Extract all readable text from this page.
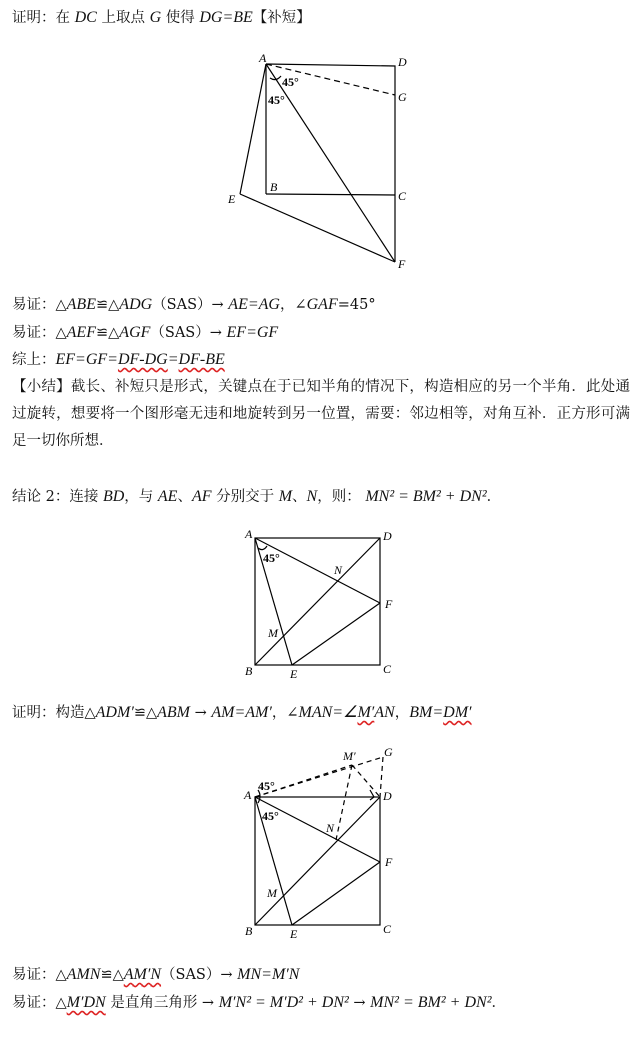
证明：在 DC 上取点 G 使得 DG=BE【补短】
A	D
G
B
C
E
F
45°
45°
A	D
F
C
B	E
N
M
45°
A	D
G
M′
F
C
B	E
N
M
45°
45°
易证：△ABE≌△ADG（SAS）→ AE=AG，∠GAF=45°
易证：△AEF≌△AGF（SAS）→ EF=GF
综上：EF=GF=DF-DG=DF-BE
【小结】截长、补短只是形式，关键点在于已知半角的情况下，构造相应的另一个半角．此处通过旋转，想要将一个图形毫无违和地旋转到另一位置，需要：邻边相等，对角互补．正方形可满足一切你所想．
结论 2：连接 BD，与 AE、AF 分别交于 M、N，则： MN² = BM² + DN²．
证明：构造△ADM′≌△ABM → AM=AM′，∠MAN=∠M′AN，BM=DM′
易证：△AMN≌△AM′N（SAS）→ MN=M′N
易证：△M′DN 是直角三角形 → M′N² = M′D² + DN² → MN² = BM² + DN²．
